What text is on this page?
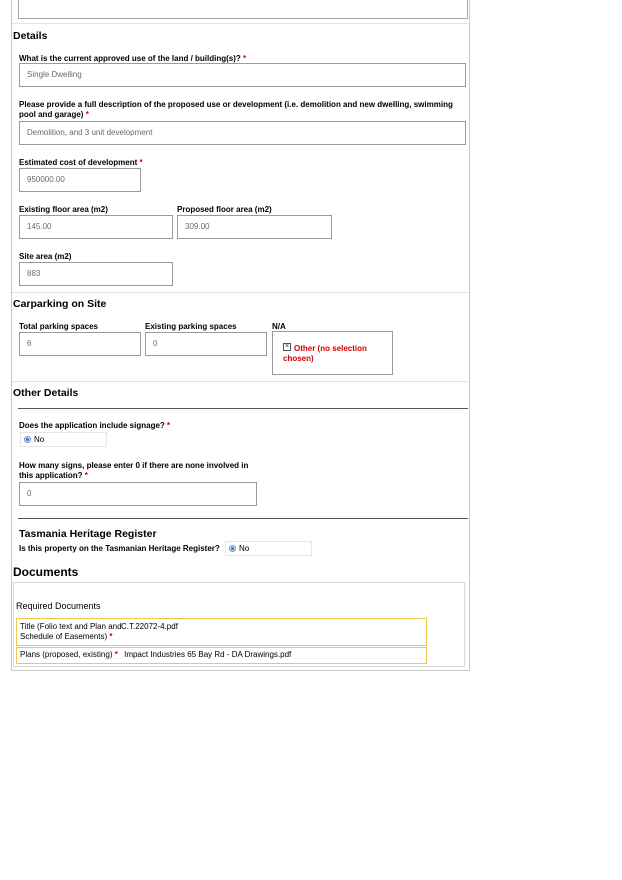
Details
What is the current approved use of the land / building(s)? *
Single Dwelling
Please provide a full description of the proposed use or development (i.e. demolition and new dwelling, swimming pool and garage) *
Demolition, and 3 unit development
Estimated cost of development *
950000.00
Existing floor area (m2)
145.00
Proposed floor area (m2)
309.00
Site area (m2)
883
Carparking on Site
Total parking spaces
6
Existing parking spaces
0
N/A
× Other (no selection chosen)
Other Details
Does the application include signage? *
No
How many signs, please enter 0 if there are none involved in this application? *
0
Tasmania Heritage Register
Is this property on the Tasmanian Heritage Register?	No
Documents
Required Documents
Title (Folio text and Plan and Schedule of Easements) *
C.T.22072-4.pdf
Plans (proposed, existing) * Impact Industries 65 Bay Rd - DA Drawings.pdf
